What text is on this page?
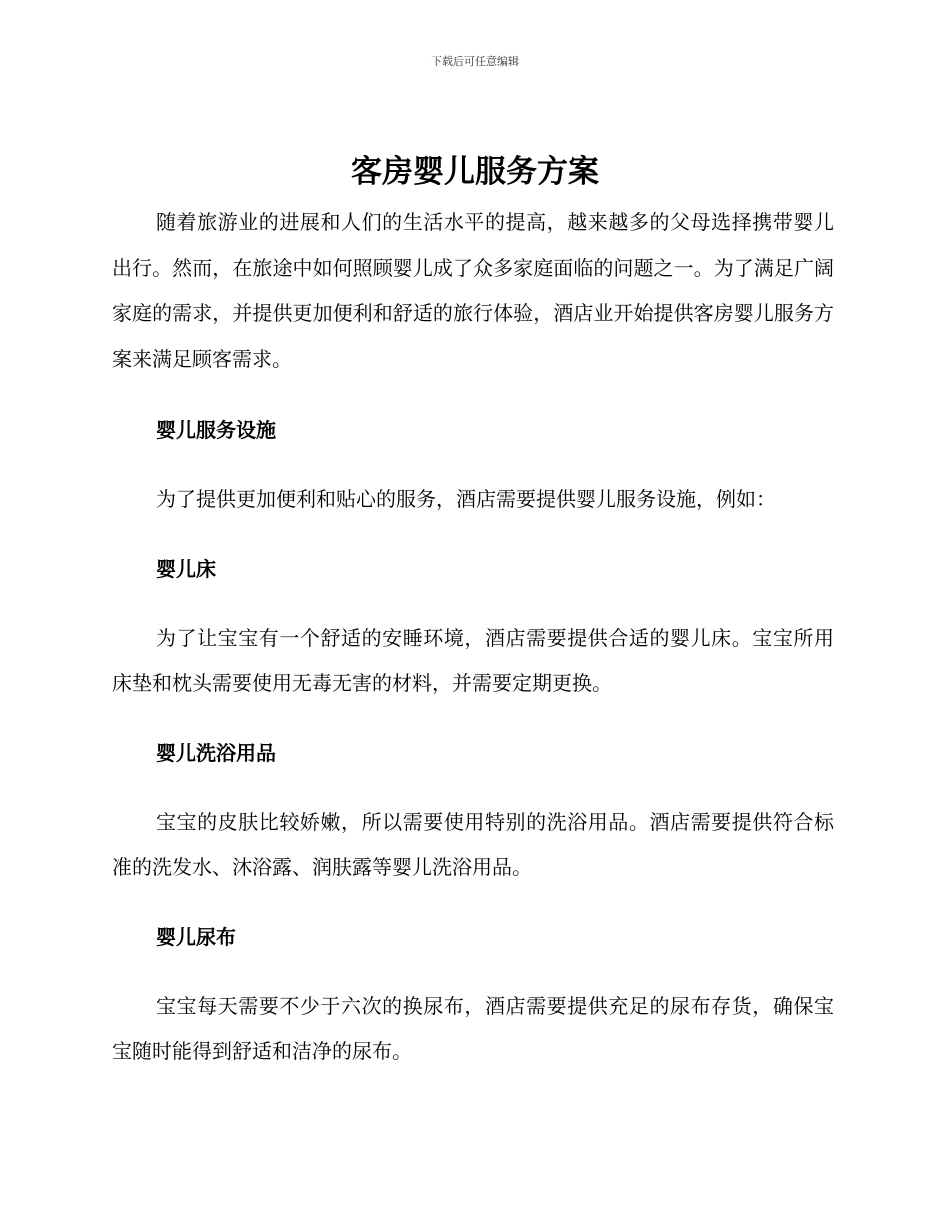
下载后可任意编辑
客房婴儿服务方案

随着旅游业的进展和人们的生活水平的提高，越来越多的父母选择携带婴儿出行。然而，在旅途中如何照顾婴儿成了众多家庭面临的问题之一。为了满足广阔家庭的需求，并提供更加便利和舒适的旅行体验，酒店业开始提供客房婴儿服务方案来满足顾客需求。

婴儿服务设施

为了提供更加便利和贴心的服务，酒店需要提供婴儿服务设施，例如：

婴儿床

为了让宝宝有一个舒适的安睡环境，酒店需要提供合适的婴儿床。宝宝所用床垫和枕头需要使用无毒无害的材料，并需要定期更换。

婴儿洗浴用品

宝宝的皮肤比较娇嫩，所以需要使用特别的洗浴用品。酒店需要提供符合标准的洗发水、沐浴露、润肤露等婴儿洗浴用品。

婴儿尿布

宝宝每天需要不少于六次的换尿布，酒店需要提供充足的尿布存货，确保宝宝随时能得到舒适和洁净的尿布。
